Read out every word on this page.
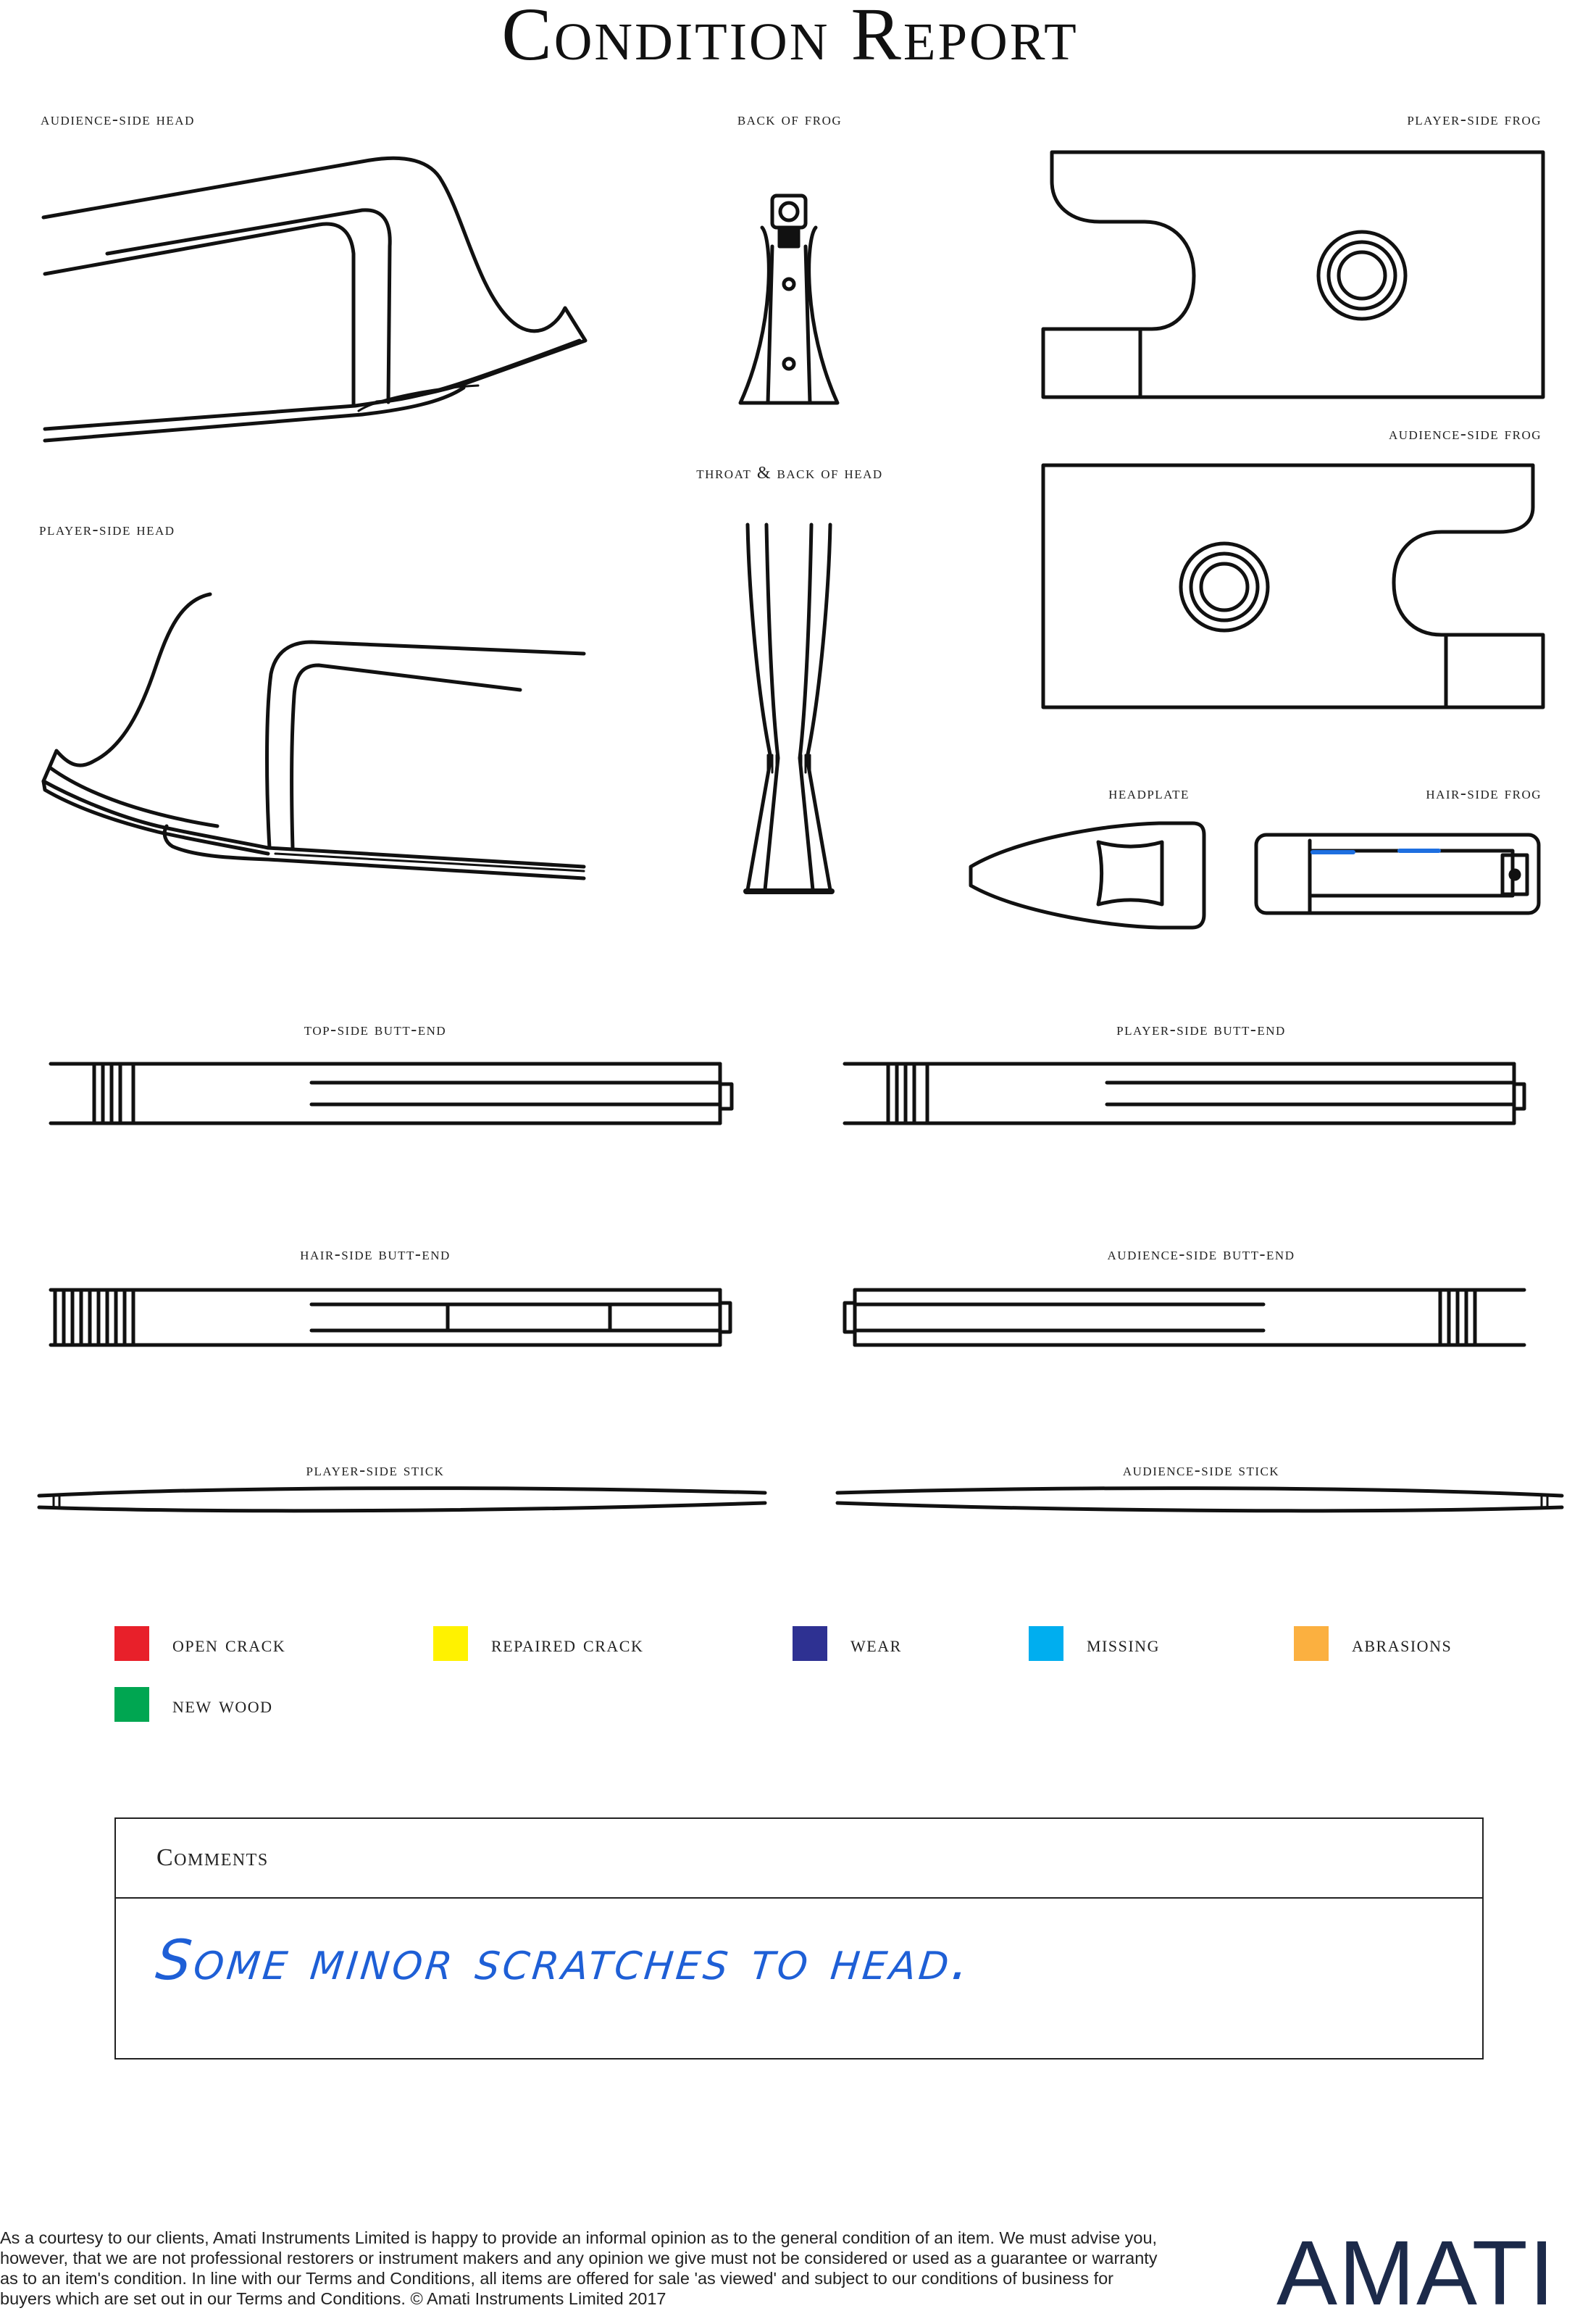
Condition Report
audience-side head	back of frog	player-side frog
audience-side frog
throat & back of head
player-side head
headplate	hair-side frog
top-side butt-end	player-side butt-end
hair-side butt-end	audience-side butt-end
player-side stick	audience-side stick
open crack	repaired crack	wear	missing	abrasions
new wood
Comments
Some minor scratches to head.
As a courtesy to our clients, Amati Instruments Limited is happy to provide an informal opinion as to the general condition of an item. We must advise you, however, that we are not professional restorers or instrument makers and any opinion we give must not be considered or used as a guarantee or warranty as to an item's condition. In line with our Terms and Conditions, all items are offered for sale 'as viewed' and subject to our conditions of business for buyers which are set out in our Terms and Conditions. © Amati Instruments Limited 2017	AMATI
